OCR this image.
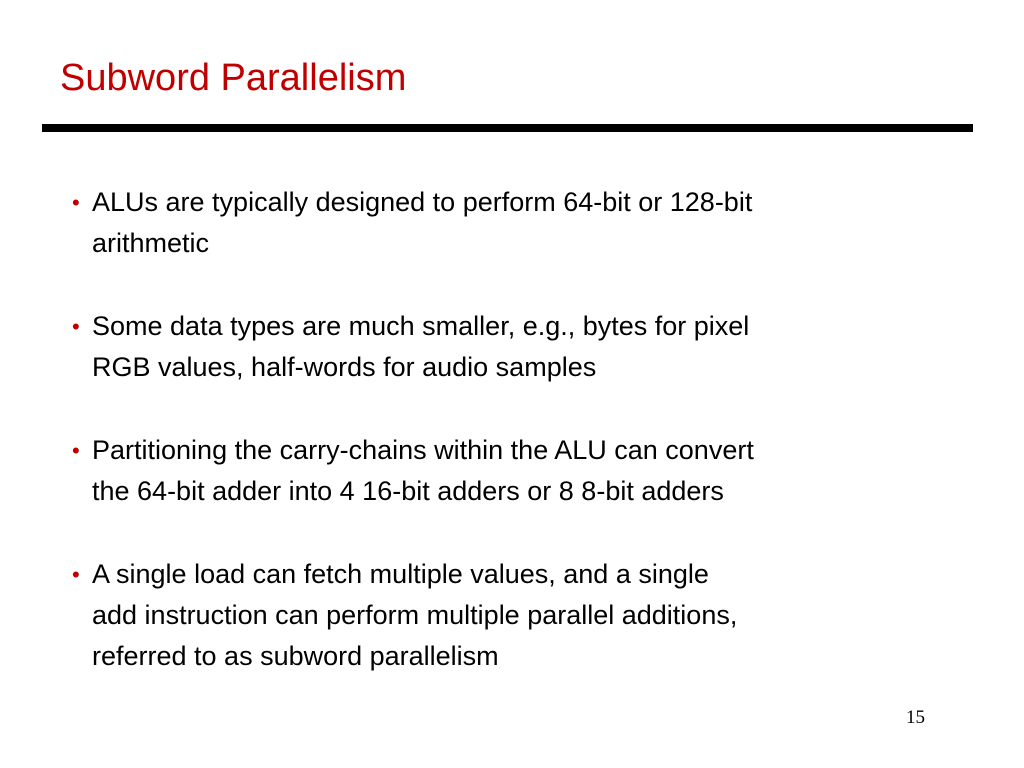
Subword Parallelism
• ALUs are typically designed to perform 64-bit or 128-bit
arithmetic
• Some data types are much smaller, e.g., bytes for pixel
RGB values, half-words for audio samples
• Partitioning the carry-chains within the ALU can convert
the 64-bit adder into 4 16-bit adders or 8 8-bit adders
• A single load can fetch multiple values, and a single
add instruction can perform multiple parallel additions,
referred to as subword parallelism
15
